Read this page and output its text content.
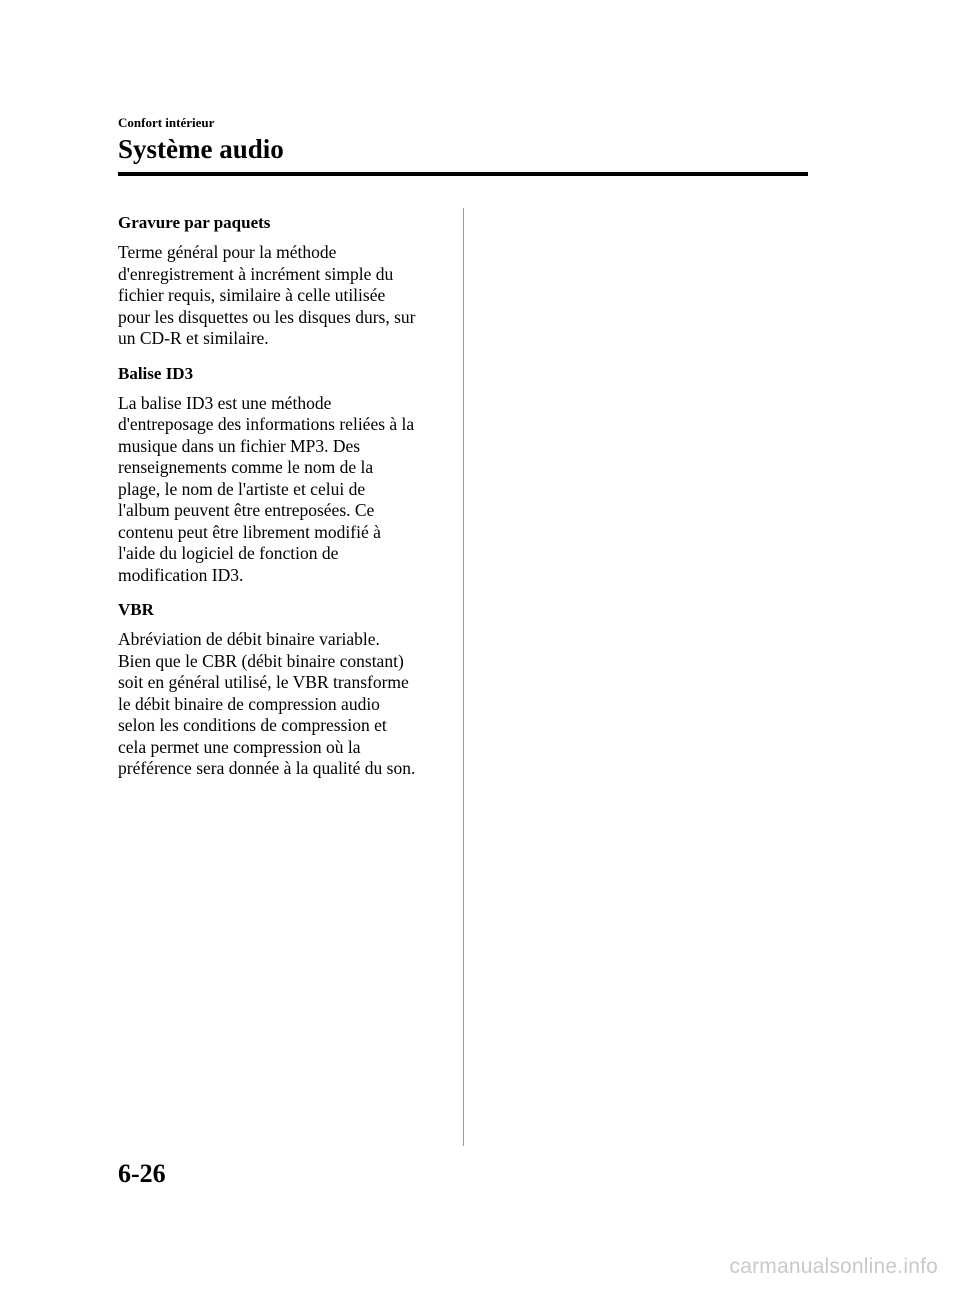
Confort intérieur
Système audio
Gravure par paquets
Terme général pour la méthode
d'enregistrement à incrément simple du
fichier requis, similaire à celle utilisée
pour les disquettes ou les disques durs, sur
un CD-R et similaire.
Balise ID3
La balise ID3 est une méthode
d'entreposage des informations reliées à la
musique dans un fichier MP3. Des
renseignements comme le nom de la
plage, le nom de l'artiste et celui de
l'album peuvent être entreposées. Ce
contenu peut être librement modifié à
l'aide du logiciel de fonction de
modification ID3.
VBR
Abréviation de débit binaire variable.
Bien que le CBR (débit binaire constant)
soit en général utilisé, le VBR transforme
le débit binaire de compression audio
selon les conditions de compression et
cela permet une compression où la
préférence sera donnée à la qualité du son.
6-26
carmanualsonline.info
